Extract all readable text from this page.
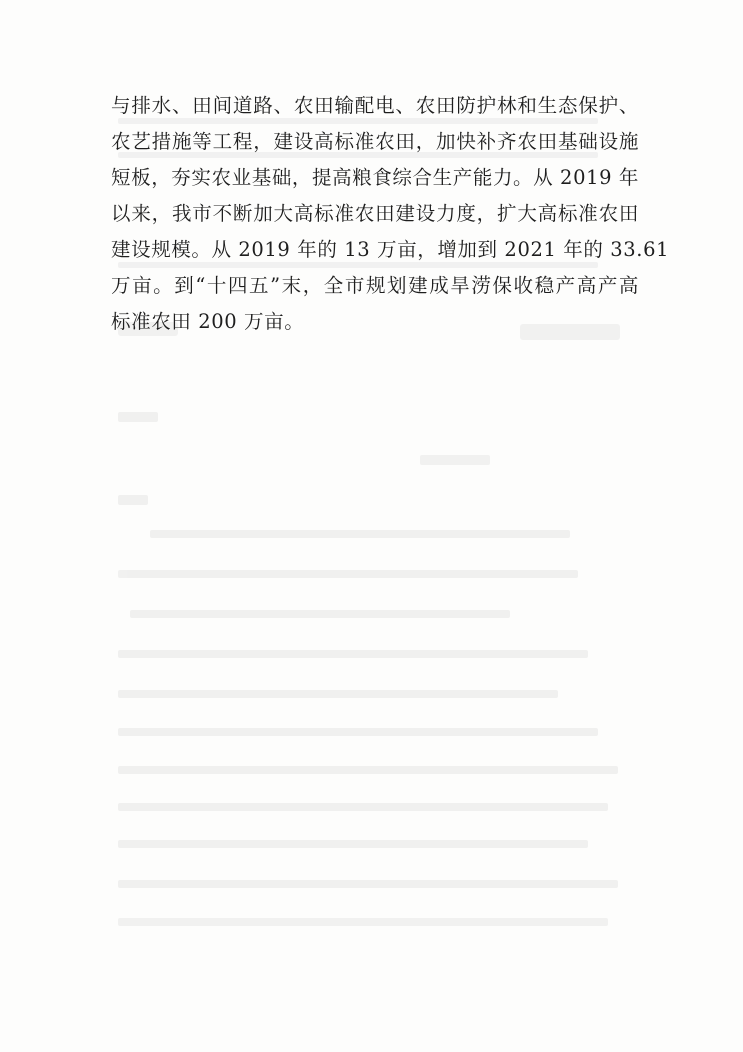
与排水、田间道路、农田输配电、农田防护林和生态保护、
农艺措施等工程，建设高标准农田，加快补齐农田基础设施
短板，夯实农业基础，提高粮食综合生产能力。从 2019 年
以来，我市不断加大高标准农田建设力度，扩大高标准农田
建设规模。从 2019 年的 13 万亩，增加到 2021 年的 33.61
万亩。到“十四五”末，全市规划建成旱涝保收稳产高产高
标准农田 200 万亩。
